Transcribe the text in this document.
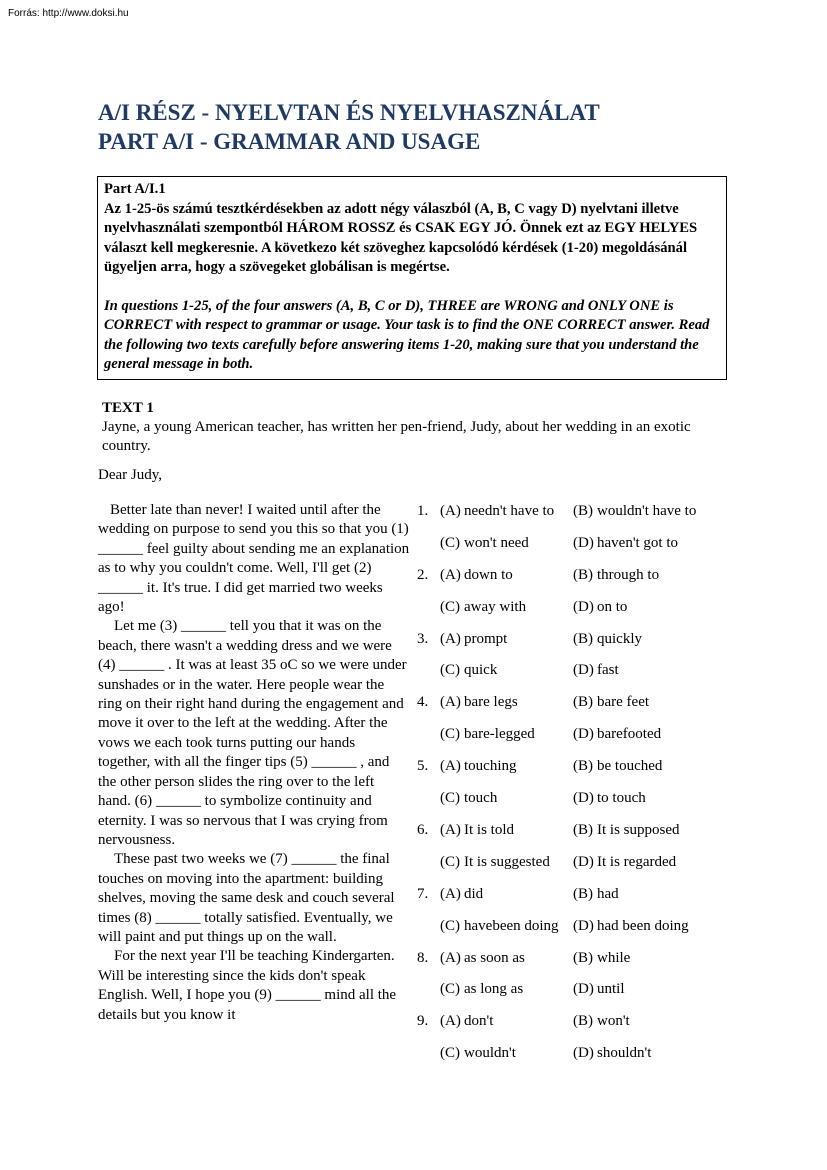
Forrás: http://www.doksi.hu
A/I RÉSZ - NYELVTAN ÉS NYELVHASZNÁLAT
PART A/I - GRAMMAR AND USAGE

Part A/I.1

Az 1-25-ös számú tesztkérdésekben az adott négy válaszból (A, B, C vagy D) nyelvtani illetve nyelvhasználati szempontból HÁROM ROSSZ és CSAK EGY JÓ. Önnek ezt az EGY HELYES választ kell megkeresnie. A következo két szöveghez kapcsolódó kérdések (1-20) megoldásánál ügyeljen arra, hogy a szövegeket globálisan is megértse.

In questions 1-25, of the four answers (A, B, C or D), THREE are WRONG and ONLY ONE is CORRECT with respect to grammar or usage. Your task is to find the ONE CORRECT answer. Read the following two texts carefully before answering items 1-20, making sure that you understand the general message in both.

TEXT 1
Jayne, a young American teacher, has written her pen-friend, Judy, about her wedding in an exotic country.
Dear Judy,

Better late than never! I waited until after the wedding on purpose to send you this so that you (1) ______ feel guilty about sending me an explanation as to why you couldn't come. Well, I'll get (2) ______ it. It's true. I did get married two weeks ago!

Let me (3) ______ tell you that it was on the beach, there wasn't a wedding dress and we were (4) ______ . It was at least 35 oC so we were under sunshades or in the water. Here people wear the ring on their right hand during the engagement and move it over to the left at the wedding. After the vows we each took turns putting our hands together, with all the finger tips (5) ______ , and the other person slides the ring over to the left hand. (6) ______ to symbolize continuity and eternity. I was so nervous that I was crying from nervousness.

These past two weeks we (7) ______ the final touches on moving into the apartment: building shelves, moving the same desk and couch several times (8) ______ totally satisfied. Eventually, we will paint and put things up on the wall.

For the next year I'll be teaching Kindergarten. Will be interesting since the kids don't speak English. Well, I hope you (9) ______ mind all the details but you know it

1. (A) needn't have to	(B) wouldn't have to
(C) won't need	(D) haven't got to
2. (A) down to	(B) through to
(C) away with	(D) on to
3. (A) prompt	(B) quickly
(C) quick	(D) fast
4. (A) bare legs	(B) bare feet
(C) bare-legged	(D) barefooted
5. (A) touching	(B) be touched
(C) touch	(D) to touch
6. (A) It is told	(B) It is supposed
(C) It is suggested	(D) It is regarded
7. (A) did	(B) had
(C) havebeen doing (D) had been doing
8. (A) as soon as	(B) while
(C) as long as	(D) until
9. (A) don't	(B) won't
(C) wouldn't	(D) shouldn't
